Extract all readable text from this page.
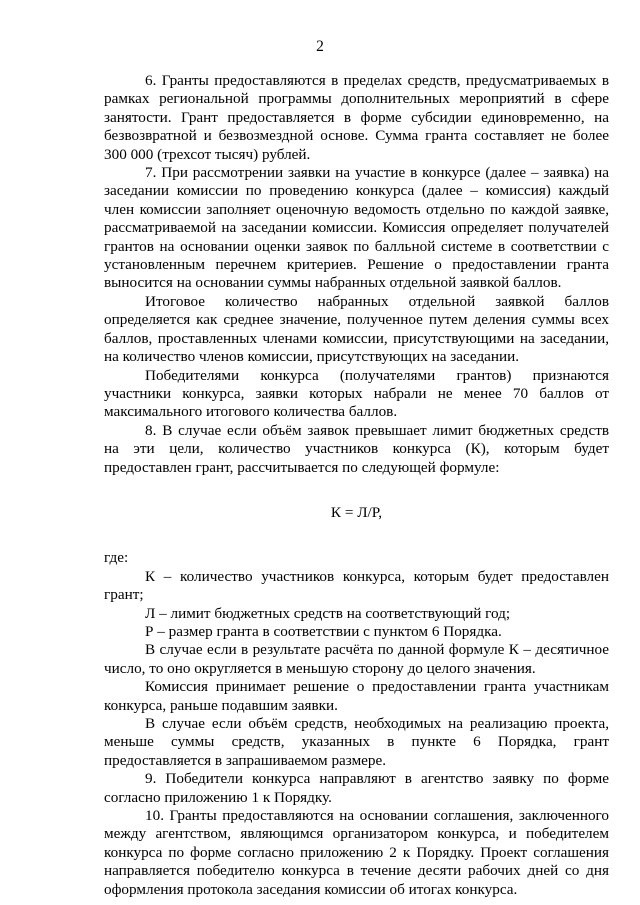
2

6. Гранты предоставляются в пределах средств, предусматриваемых в рамках региональной программы дополнительных мероприятий в сфере занятости. Грант предоставляется в форме субсидии единовременно, на безвозвратной и безвозмездной основе. Сумма гранта составляет не более 300 000 (трехсот тысяч) рублей.

7. При рассмотрении заявки на участие в конкурсе (далее – заявка) на заседании комиссии по проведению конкурса (далее – комиссия) каждый член комиссии заполняет оценочную ведомость отдельно по каждой заявке, рассматриваемой на заседании комиссии. Комиссия определяет получателей грантов на основании оценки заявок по балльной системе в соответствии с установленным перечнем критериев. Решение о предоставлении гранта выносится на основании суммы набранных отдельной заявкой баллов.

Итоговое количество набранных отдельной заявкой баллов определяется как среднее значение, полученное путем деления суммы всех баллов, проставленных членами комиссии, присутствующими на заседании, на количество членов комиссии, присутствующих на заседании.

Победителями конкурса (получателями грантов) признаются участники конкурса, заявки которых набрали не менее 70 баллов от максимального итогового количества баллов.

8. В случае если объём заявок превышает лимит бюджетных средств на эти цели, количество участников конкурса (К), которым будет предоставлен грант, рассчитывается по следующей формуле:

К = Л/Р,

где:

К – количество участников конкурса, которым будет предоставлен грант;

Л – лимит бюджетных средств на соответствующий год;

Р – размер гранта в соответствии с пунктом 6 Порядка.

В случае если в результате расчёта по данной формуле К – десятичное число, то оно округляется в меньшую сторону до целого значения.

Комиссия принимает решение о предоставлении гранта участникам конкурса, раньше подавшим заявки.

В случае если объём средств, необходимых на реализацию проекта, меньше суммы средств, указанных в пункте 6 Порядка, грант предоставляется в запрашиваемом размере.

9. Победители конкурса направляют в агентство заявку по форме согласно приложению 1 к Порядку.

10. Гранты предоставляются на основании соглашения, заключенного между агентством, являющимся организатором конкурса, и победителем конкурса по форме согласно приложению 2 к Порядку. Проект соглашения направляется победителю конкурса в течение десяти рабочих дней со дня оформления протокола заседания комиссии об итогах конкурса.
